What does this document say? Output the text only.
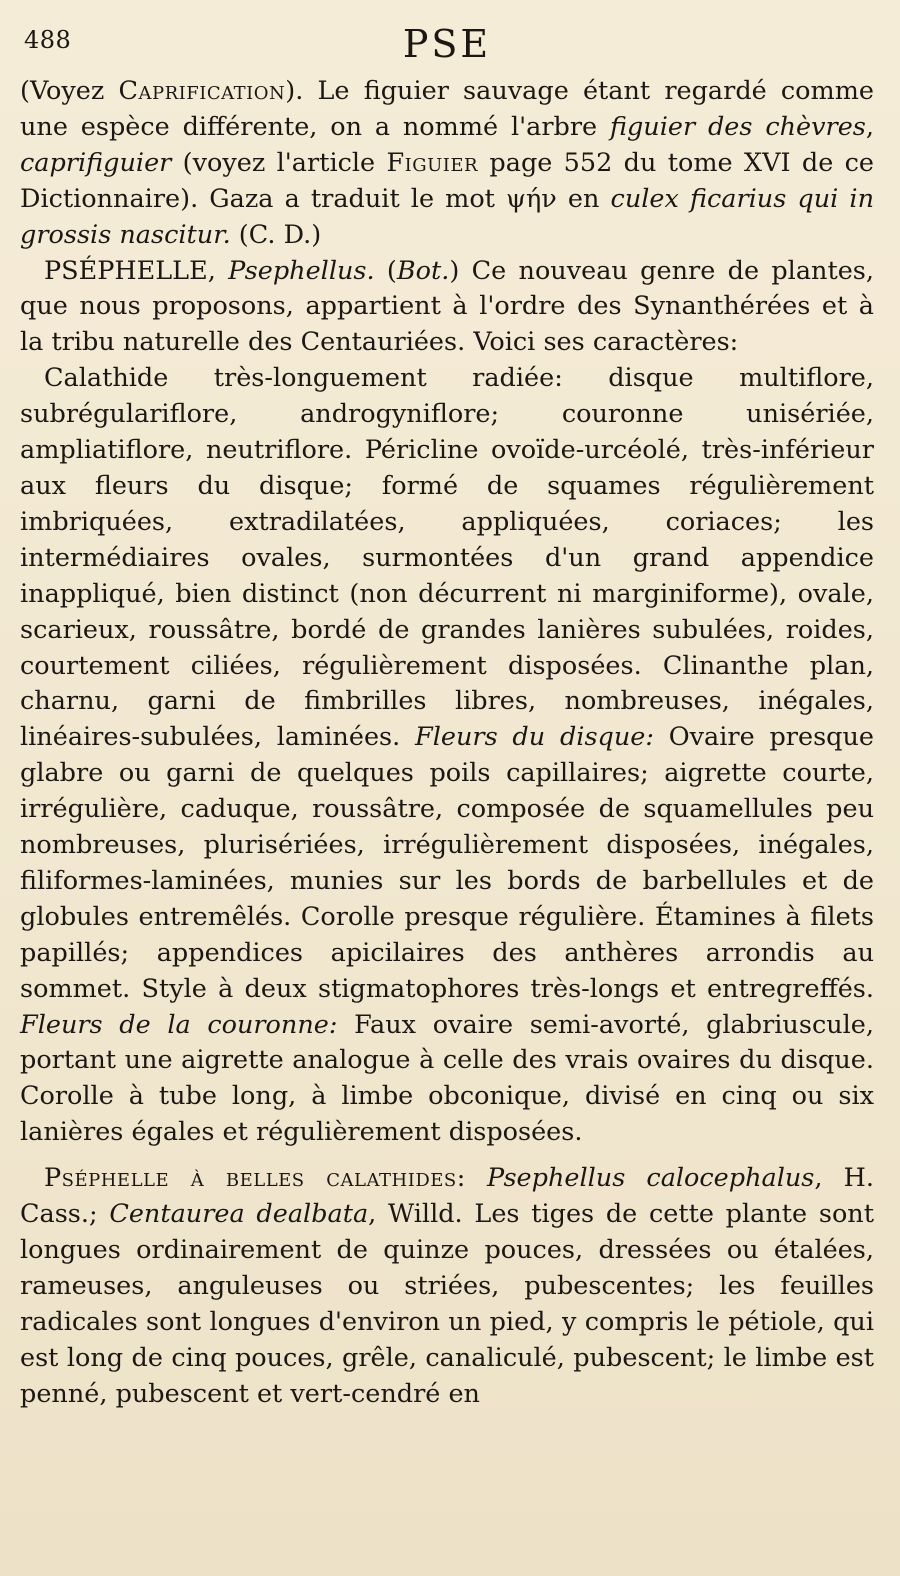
488	PSE

(Voyez Caprification). Le figuier sauvage étant regardé comme une espèce différente, on a nommé l'arbre figuier des chèvres, caprifiguier (voyez l'article Figuier page 552 du tome XVI de ce Dictionnaire). Gaza a traduit le mot ψήν en culex ficarius qui in grossis nascitur. (C. D.)

PSÉPHELLE, Psephellus. (Bot.) Ce nouveau genre de plantes, que nous proposons, appartient à l'ordre des Synanthérées et à la tribu naturelle des Centauriées. Voici ses caractères:

Calathide très-longuement radiée: disque multiflore, subrégulariflore, androgyniflore; couronne unisériée, ampliatiflore, neutriflore. Péricline ovoïde-urcéolé, très-inférieur aux fleurs du disque; formé de squames régulièrement imbriquées, extradilatées, appliquées, coriaces; les intermédiaires ovales, surmontées d'un grand appendice inappliqué, bien distinct (non décurrent ni marginiforme), ovale, scarieux, roussâtre, bordé de grandes lanières subulées, roides, courtement ciliées, régulièrement disposées. Clinanthe plan, charnu, garni de fimbrilles libres, nombreuses, inégales, linéaires-subulées, laminées. Fleurs du disque: Ovaire presque glabre ou garni de quelques poils capillaires; aigrette courte, irrégulière, caduque, roussâtre, composée de squamellules peu nombreuses, plurisériées, irrégulièrement disposées, inégales, filiformes-laminées, munies sur les bords de barbellules et de globules entremêlés. Corolle presque régulière. Étamines à filets papillés; appendices apicilaires des anthères arrondis au sommet. Style à deux stigmatophores très-longs et entregreffés. Fleurs de la couronne: Faux ovaire semi-avorté, glabriuscule, portant une aigrette analogue à celle des vrais ovaires du disque. Corolle à tube long, à limbe obconique, divisé en cinq ou six lanières égales et régulièrement disposées.

Pséphelle à belles calathides: Psephellus calocephalus, H. Cass.; Centaurea dealbata, Willd. Les tiges de cette plante sont longues ordinairement de quinze pouces, dressées ou étalées, rameuses, anguleuses ou striées, pubescentes; les feuilles radicales sont longues d'environ un pied, y compris le pétiole, qui est long de cinq pouces, grêle, canaliculé, pubescent; le limbe est penné, pubescent et vert-cendré en
